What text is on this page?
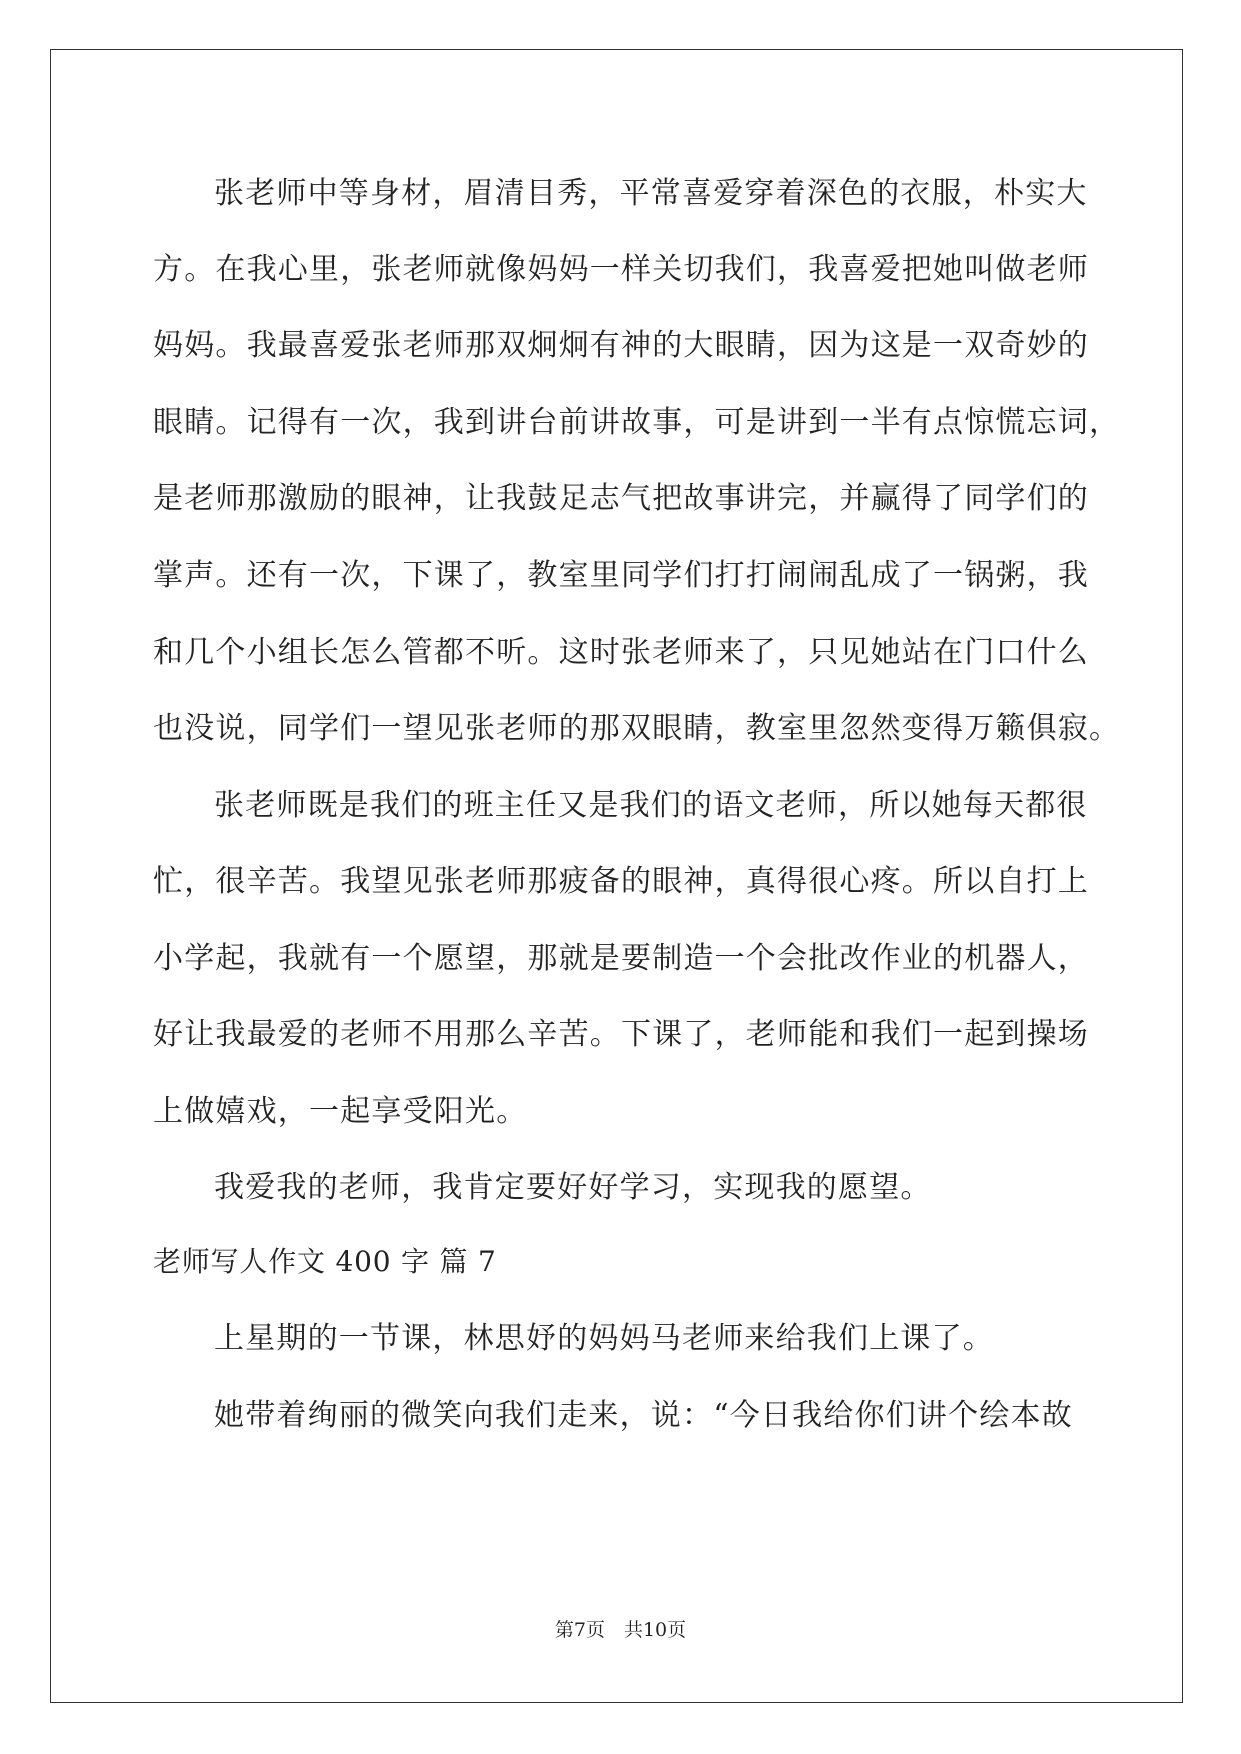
张老师中等身材，眉清目秀，平常喜爱穿着深色的衣服，朴实大
方。在我心里，张老师就像妈妈一样关切我们，我喜爱把她叫做老师
妈妈。我最喜爱张老师那双炯炯有神的大眼睛，因为这是一双奇妙的
眼睛。记得有一次，我到讲台前讲故事，可是讲到一半有点惊慌忘词，
是老师那激励的眼神，让我鼓足志气把故事讲完，并赢得了同学们的
掌声。还有一次，下课了，教室里同学们打打闹闹乱成了一锅粥，我
和几个小组长怎么管都不听。这时张老师来了，只见她站在门口什么
也没说，同学们一望见张老师的那双眼睛，教室里忽然变得万籁俱寂。
张老师既是我们的班主任又是我们的语文老师，所以她每天都很
忙，很辛苦。我望见张老师那疲备的眼神，真得很心疼。所以自打上
小学起，我就有一个愿望，那就是要制造一个会批改作业的机器人，
好让我最爱的老师不用那么辛苦。下课了，老师能和我们一起到操场
上做嬉戏，一起享受阳光。
我爱我的老师，我肯定要好好学习，实现我的愿望。
老师写人作文 400 字 篇 7
上星期的一节课，林思妤的妈妈马老师来给我们上课了。
她带着绚丽的微笑向我们走来，说：“今日我给你们讲个绘本故
第7页　共10页
